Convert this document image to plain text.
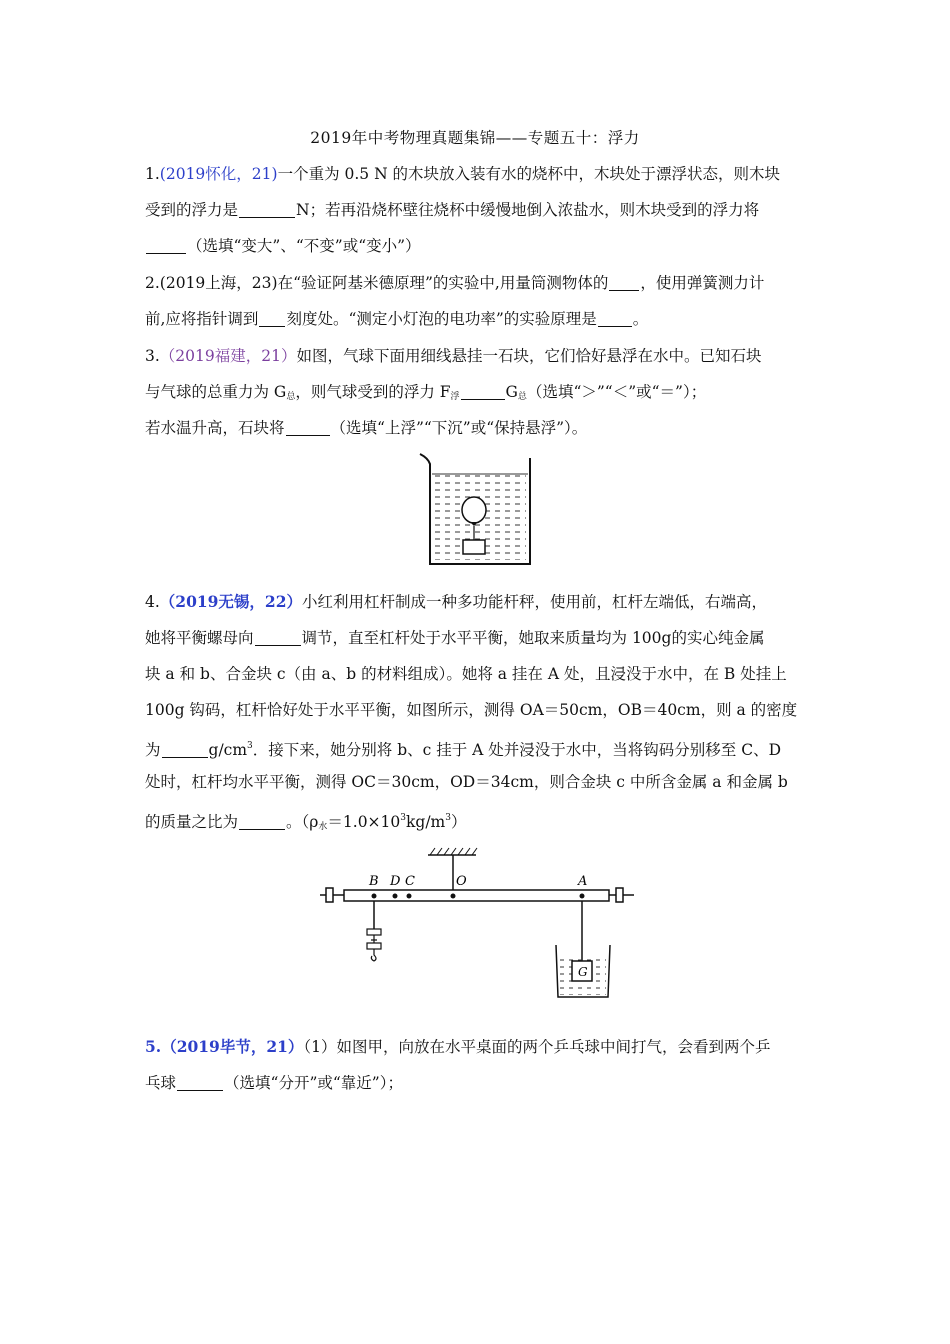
2019年中考物理真题集锦——专题五十：浮力
1.(2019怀化，21)一个重为 0.5 N 的木块放入装有水的烧杯中，木块处于漂浮状态，则木块
受到的浮力是	N；若再沿烧杯壁往烧杯中缓慢地倒入浓盐水，则木块受到的浮力将
（选填“变大”、“不变”或“变小”）
2.(2019上海，23)在“验证阿基米德原理”的实验中,用量筒测物体的 ，使用弹簧测力计
前,应将指针调到 刻度处。“测定小灯泡的电功率”的实验原理是 。
3.（2019福建，21）如图，气球下面用细线悬挂一石块，它们恰好悬浮在水中。已知石块
与气球的总重力为 $G_总$，则气球受到的浮力 $F_浮$	$G_总$（选填“＞”“＜”或“＝”）；
若水温升高，石块将	（选填“上浮”“下沉”或“保持悬浮”）。
4.（2019无锡，22）小红利用杠杆制成一种多功能杆秤，使用前，杠杆左端低，右端高，
她将平衡螺母向	调节，直至杠杆处于水平平衡，她取来质量均为 100g的实心纯金属
块 a 和 b、合金块 c（由 a、b 的材料组成）。她将 a 挂在 A 处，且浸没于水中，在 B 处挂上
100g 钩码，杠杆恰好处于水平平衡，如图所示，测得 OA＝50cm，OB＝40cm，则 a 的密度
为	$g/cm^3$．接下来，她分别将 b、c 挂于 A 处并浸没于水中，当将钩码分别移至 C、D
处时，杠杆均水平平衡，测得 OC＝30cm，OD＝34cm，则合金块 c 中所含金属 a 和金属 b
的质量之比为	。$(\rho_水=1.0\times 10^3kg/m^3)$
B D C	O	A
G
5.（2019毕节，21）（1）如图甲，向放在水平桌面的两个乒乓球中间打气，会看到两个乒
乓球	（选填“分开”或“靠近”）；
